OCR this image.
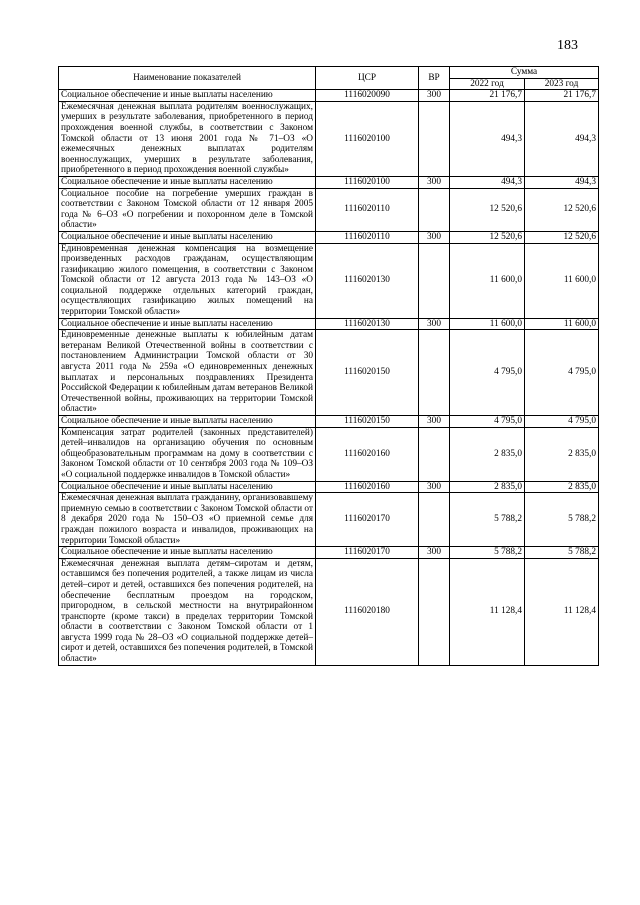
183
Наименование показателей	ЦСР	ВР	Сумма	
			2022 год	2023 год
Социальное обеспечение и иные выплаты населению	1116020090	300	21 176,7	21 176,7
Ежемесячная денежная выплата родителям военнослужащих, умерших в результате заболевания, приобретенного в период прохождения военной службы, в соответствии с Законом Томской области от 13 июня 2001 года № 71–ОЗ «О ежемесячных денежных выплатах родителям военнослужащих, умерших в результате заболевания, приобретенного в период прохождения военной службы»	1116020100		494,3	494,3
Социальное обеспечение и иные выплаты населению	1116020100	300	494,3	494,3
Социальное пособие на погребение умерших граждан в соответствии с Законом Томской области от 12 января 2005 года № 6–ОЗ «О погребении и похоронном деле в Томской области»	1116020110		12 520,6	12 520,6
Социальное обеспечение и иные выплаты населению	1116020110	300	12 520,6	12 520,6
Единовременная денежная компенсация на возмещение произведенных расходов гражданам, осуществляющим газификацию жилого помещения, в соответствии с Законом Томской области от 12 августа 2013 года № 143–ОЗ «О социальной поддержке отдельных категорий граждан, осуществляющих газификацию жилых помещений на территории Томской области»	1116020130		11 600,0	11 600,0
Социальное обеспечение и иные выплаты населению	1116020130	300	11 600,0	11 600,0
Единовременные денежные выплаты к юбилейным датам ветеранам Великой Отечественной войны в соответствии с постановлением Администрации Томской области от 30 августа 2011 года № 259а «О единовременных денежных выплатах и персональных поздравлениях Президента Российской Федерации к юбилейным датам ветеранов Великой Отечественной войны, проживающих на территории Томской области»	1116020150		4 795,0	4 795,0
Социальное обеспечение и иные выплаты населению	1116020150	300	4 795,0	4 795,0
Компенсация затрат родителей (законных представителей) детей–инвалидов на организацию обучения по основным общеобразовательным программам на дому в соответствии с Законом Томской области от 10 сентября 2003 года № 109–ОЗ «О социальной поддержке инвалидов в Томской области»	1116020160		2 835,0	2 835,0
Социальное обеспечение и иные выплаты населению	1116020160	300	2 835,0	2 835,0
Ежемесячная денежная выплата гражданину, организовавшему приемную семью в соответствии с Законом Томской области от 8 декабря 2020 года № 150–ОЗ «О приемной семье для граждан пожилого возраста и инвалидов, проживающих на территории Томской области»	1116020170		5 788,2	5 788,2
Социальное обеспечение и иные выплаты населению	1116020170	300	5 788,2	5 788,2
Ежемесячная денежная выплата детям–сиротам и детям, оставшимся без попечения родителей, а также лицам из числа детей–сирот и детей, оставшихся без попечения родителей, на обеспечение бесплатным проездом на городском, пригородном, в сельской местности на внутрирайонном транспорте (кроме такси) в пределах территории Томской области в соответствии с Законом Томской области от 1 августа 1999 года № 28–ОЗ «О социальной поддержке детей–сирот и детей, оставшихся без попечения родителей, в Томской области»	1116020180		11 128,4	11 128,4
